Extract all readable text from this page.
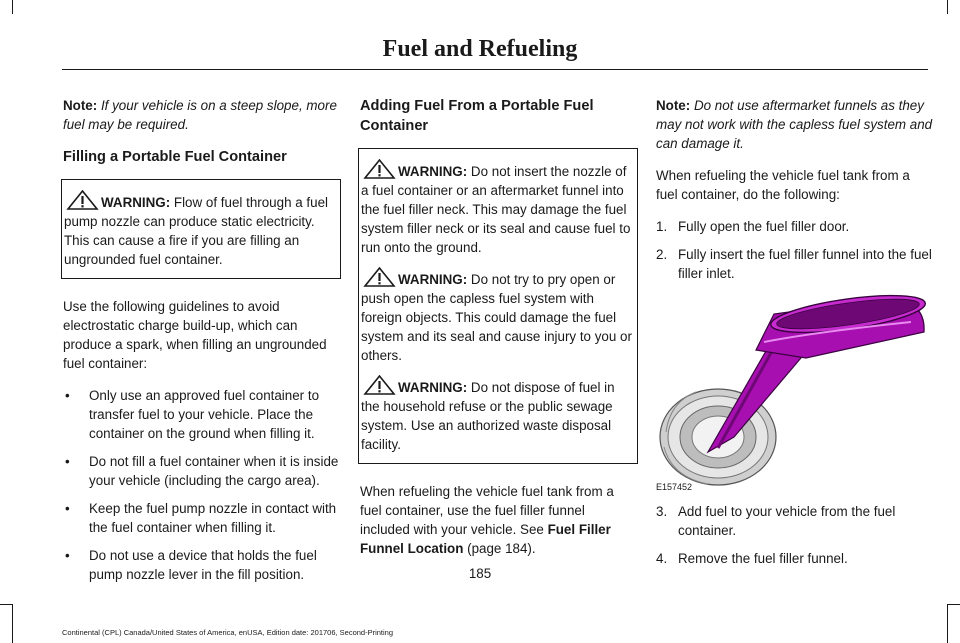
Fuel and Refueling

Note: If your vehicle is on a steep slope, more fuel may be required.

Filling a Portable Fuel Container
WARNING: Flow of fuel through a fuel pump nozzle can produce static electricity. This can cause a fire if you are filling an ungrounded fuel container.

Use the following guidelines to avoid electrostatic charge build-up, which can produce a spark, when filling an ungrounded fuel container:

• Only use an approved fuel container to transfer fuel to your vehicle. Place the container on the ground when filling it.
• Do not fill a fuel container when it is inside your vehicle (including the cargo area).
• Keep the fuel pump nozzle in contact with the fuel container when filling it.
• Do not use a device that holds the fuel pump nozzle lever in the fill position.
Adding Fuel From a Portable Fuel Container
WARNING: Do not insert the nozzle of a fuel container or an aftermarket funnel into the fuel filler neck. This may damage the fuel system filler neck or its seal and cause fuel to run onto the ground.
WARNING: Do not try to pry open or push open the capless fuel system with foreign objects. This could damage the fuel system and its seal and cause injury to you or others.
WARNING: Do not dispose of fuel in the household refuse or the public sewage system. Use an authorized waste disposal facility.

When refueling the vehicle fuel tank from a fuel container, use the fuel filler funnel included with your vehicle. See Fuel Filler Funnel Location (page 184).

Note: Do not use aftermarket funnels as they may not work with the capless fuel system and can damage it.

When refueling the vehicle fuel tank from a fuel container, do the following:

1. Fully open the fuel filler door.
2. Fully insert the fuel filler funnel into the fuel filler inlet.
E157452
3. Add fuel to your vehicle from the fuel container.
4. Remove the fuel filler funnel.
185
Continental (CPL) Canada/United States of America, enUSA, Edition date: 201706, Second-Printing
